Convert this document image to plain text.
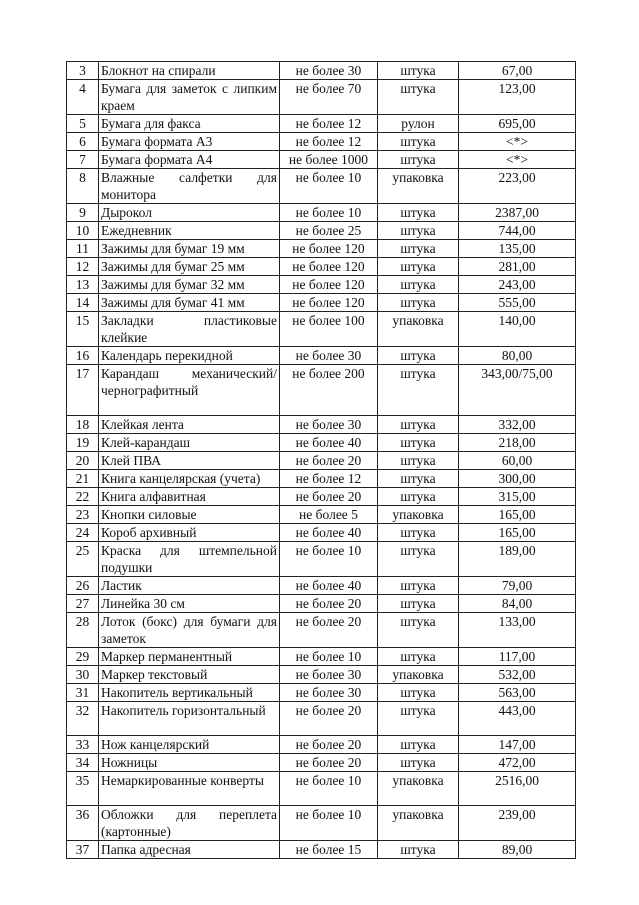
3	Блокнот на спирали	не более 30	штука	67,00
4	Бумага для заметок с липким краем	не более 70	штука	123,00
5	Бумага для факса	не более 12	рулон	695,00
6	Бумага формата A3	не более 12	штука	<*>
7	Бумага формата A4	не более 1000	штука	<*>
8	Влажные салфетки для монитора	не более 10	упаковка	223,00
9	Дырокол	не более 10	штука	2387,00
10	Ежедневник	не более 25	штука	744,00
11	Зажимы для бумаг 19 мм	не более 120	штука	135,00
12	Зажимы для бумаг 25 мм	не более 120	штука	281,00
13	Зажимы для бумаг 32 мм	не более 120	штука	243,00
14	Зажимы для бумаг 41 мм	не более 120	штука	555,00
15	Закладки пластиковые клейкие	не более 100	упаковка	140,00
16	Календарь перекидной	не более 30	штука	80,00
17	Карандаш механический/чернографитный	не более 200	штука	343,00/75,00
18	Клейкая лента	не более 30	штука	332,00
19	Клей-карандаш	не более 40	штука	218,00
20	Клей ПВА	не более 20	штука	60,00
21	Книга канцелярская (учета)	не более 12	штука	300,00
22	Книга алфавитная	не более 20	штука	315,00
23	Кнопки силовые	не более 5	упаковка	165,00
24	Короб архивный	не более 40	штука	165,00
25	Краска для штемпельной подушки	не более 10	штука	189,00
26	Ластик	не более 40	штука	79,00
27	Линейка 30 см	не более 20	штука	84,00
28	Лоток (бокс) для бумаги для заметок	не более 20	штука	133,00
29	Маркер перманентный	не более 10	штука	117,00
30	Маркер текстовый	не более 30	упаковка	532,00
31	Накопитель вертикальный	не более 30	штука	563,00
32	Накопитель горизонтальный	не более 20	штука	443,00
33	Нож канцелярский	не более 20	штука	147,00
34	Ножницы	не более 20	штука	472,00
35	Немаркированные конверты	не более 10	упаковка	2516,00
36	Обложки для переплета (картонные)	не более 10	упаковка	239,00
37	Папка адресная	не более 15	штука	89,00
